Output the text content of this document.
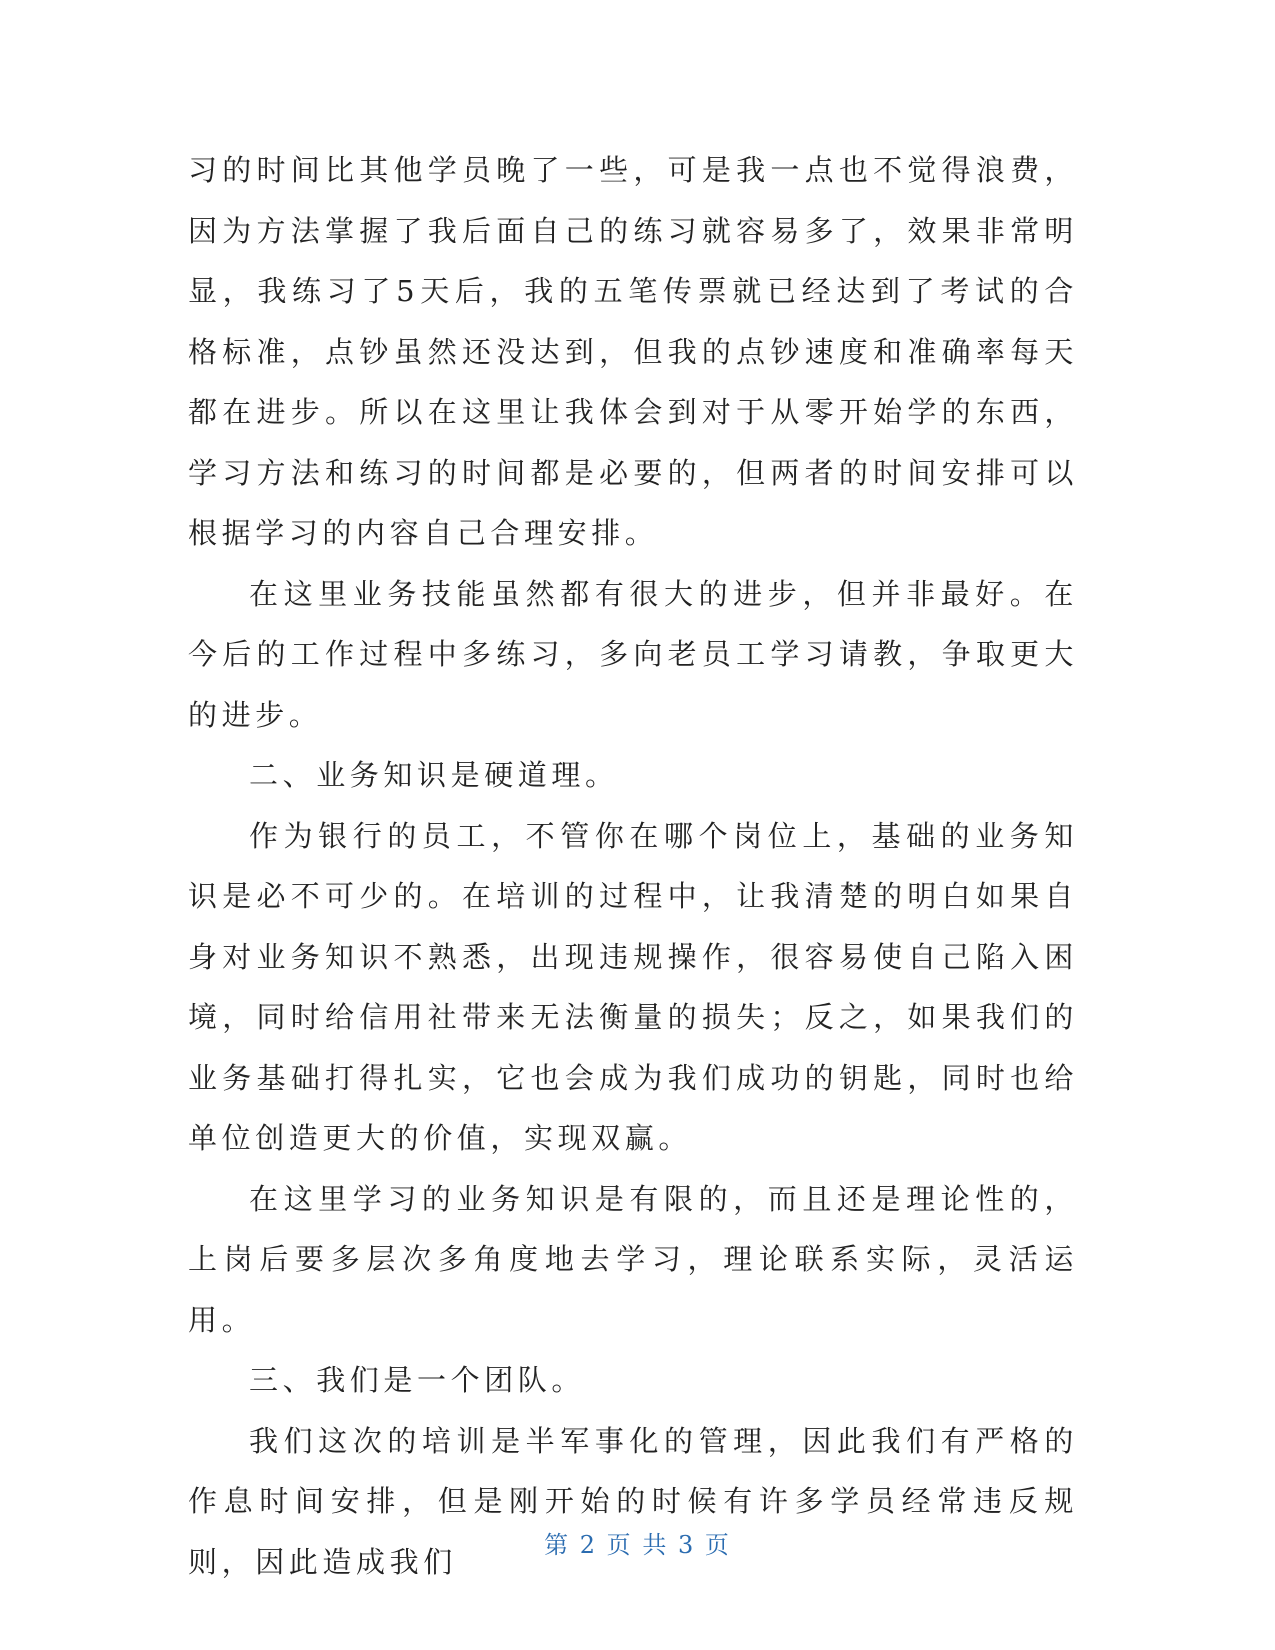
习的时间比其他学员晚了一些，可是我一点也不觉得浪费，因为方法掌握了我后面自己的练习就容易多了，效果非常明显，我练习了5天后，我的五笔传票就已经达到了考试的合格标准，点钞虽然还没达到，但我的点钞速度和准确率每天都在进步。所以在这里让我体会到对于从零开始学的东西，学习方法和练习的时间都是必要的，但两者的时间安排可以根据学习的内容自己合理安排。

在这里业务技能虽然都有很大的进步，但并非最好。在今后的工作过程中多练习，多向老员工学习请教，争取更大的进步。

二、业务知识是硬道理。

作为银行的员工，不管你在哪个岗位上，基础的业务知识是必不可少的。在培训的过程中，让我清楚的明白如果自身对业务知识不熟悉，出现违规操作，很容易使自己陷入困境，同时给信用社带来无法衡量的损失；反之，如果我们的业务基础打得扎实，它也会成为我们成功的钥匙，同时也给单位创造更大的价值，实现双赢。

在这里学习的业务知识是有限的，而且还是理论性的，上岗后要多层次多角度地去学习，理论联系实际，灵活运用。

三、我们是一个团队。

我们这次的培训是半军事化的管理，因此我们有严格的作息时间安排，但是刚开始的时候有许多学员经常违反规则，因此造成我们	第 2 页 共 3 页
